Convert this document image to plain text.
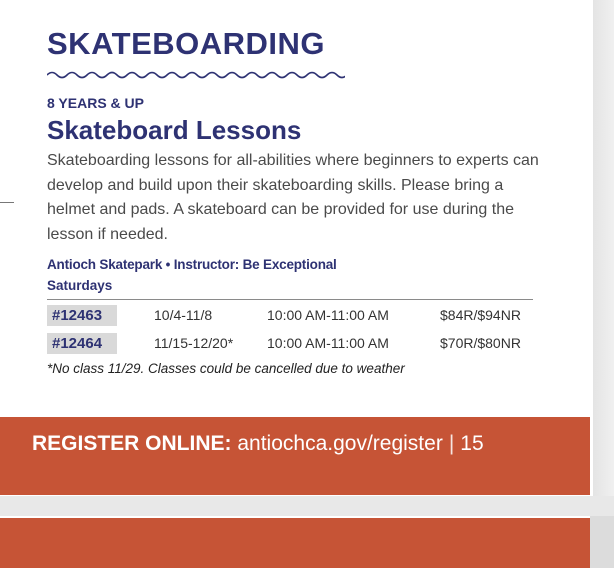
SKATEBOARDING
8 YEARS & UP
Skateboard Lessons

Skateboarding lessons for all-abilities where beginners to experts can develop and build upon their skateboarding skills. Please bring a helmet and pads. A skateboard can be provided for use during the lesson if needed.

Antioch Skatepark • Instructor: Be Exceptional
Saturdays
#12463	10/4-11/8	10:00 AM-11:00 AM	$84R/$94NR
#12464	11/15-12/20* 10:00 AM-11:00 AM	$70R/$80NR
*No class 11/29. Classes could be cancelled due to weather
REGISTER ONLINE: antiochca.gov/register | 15
